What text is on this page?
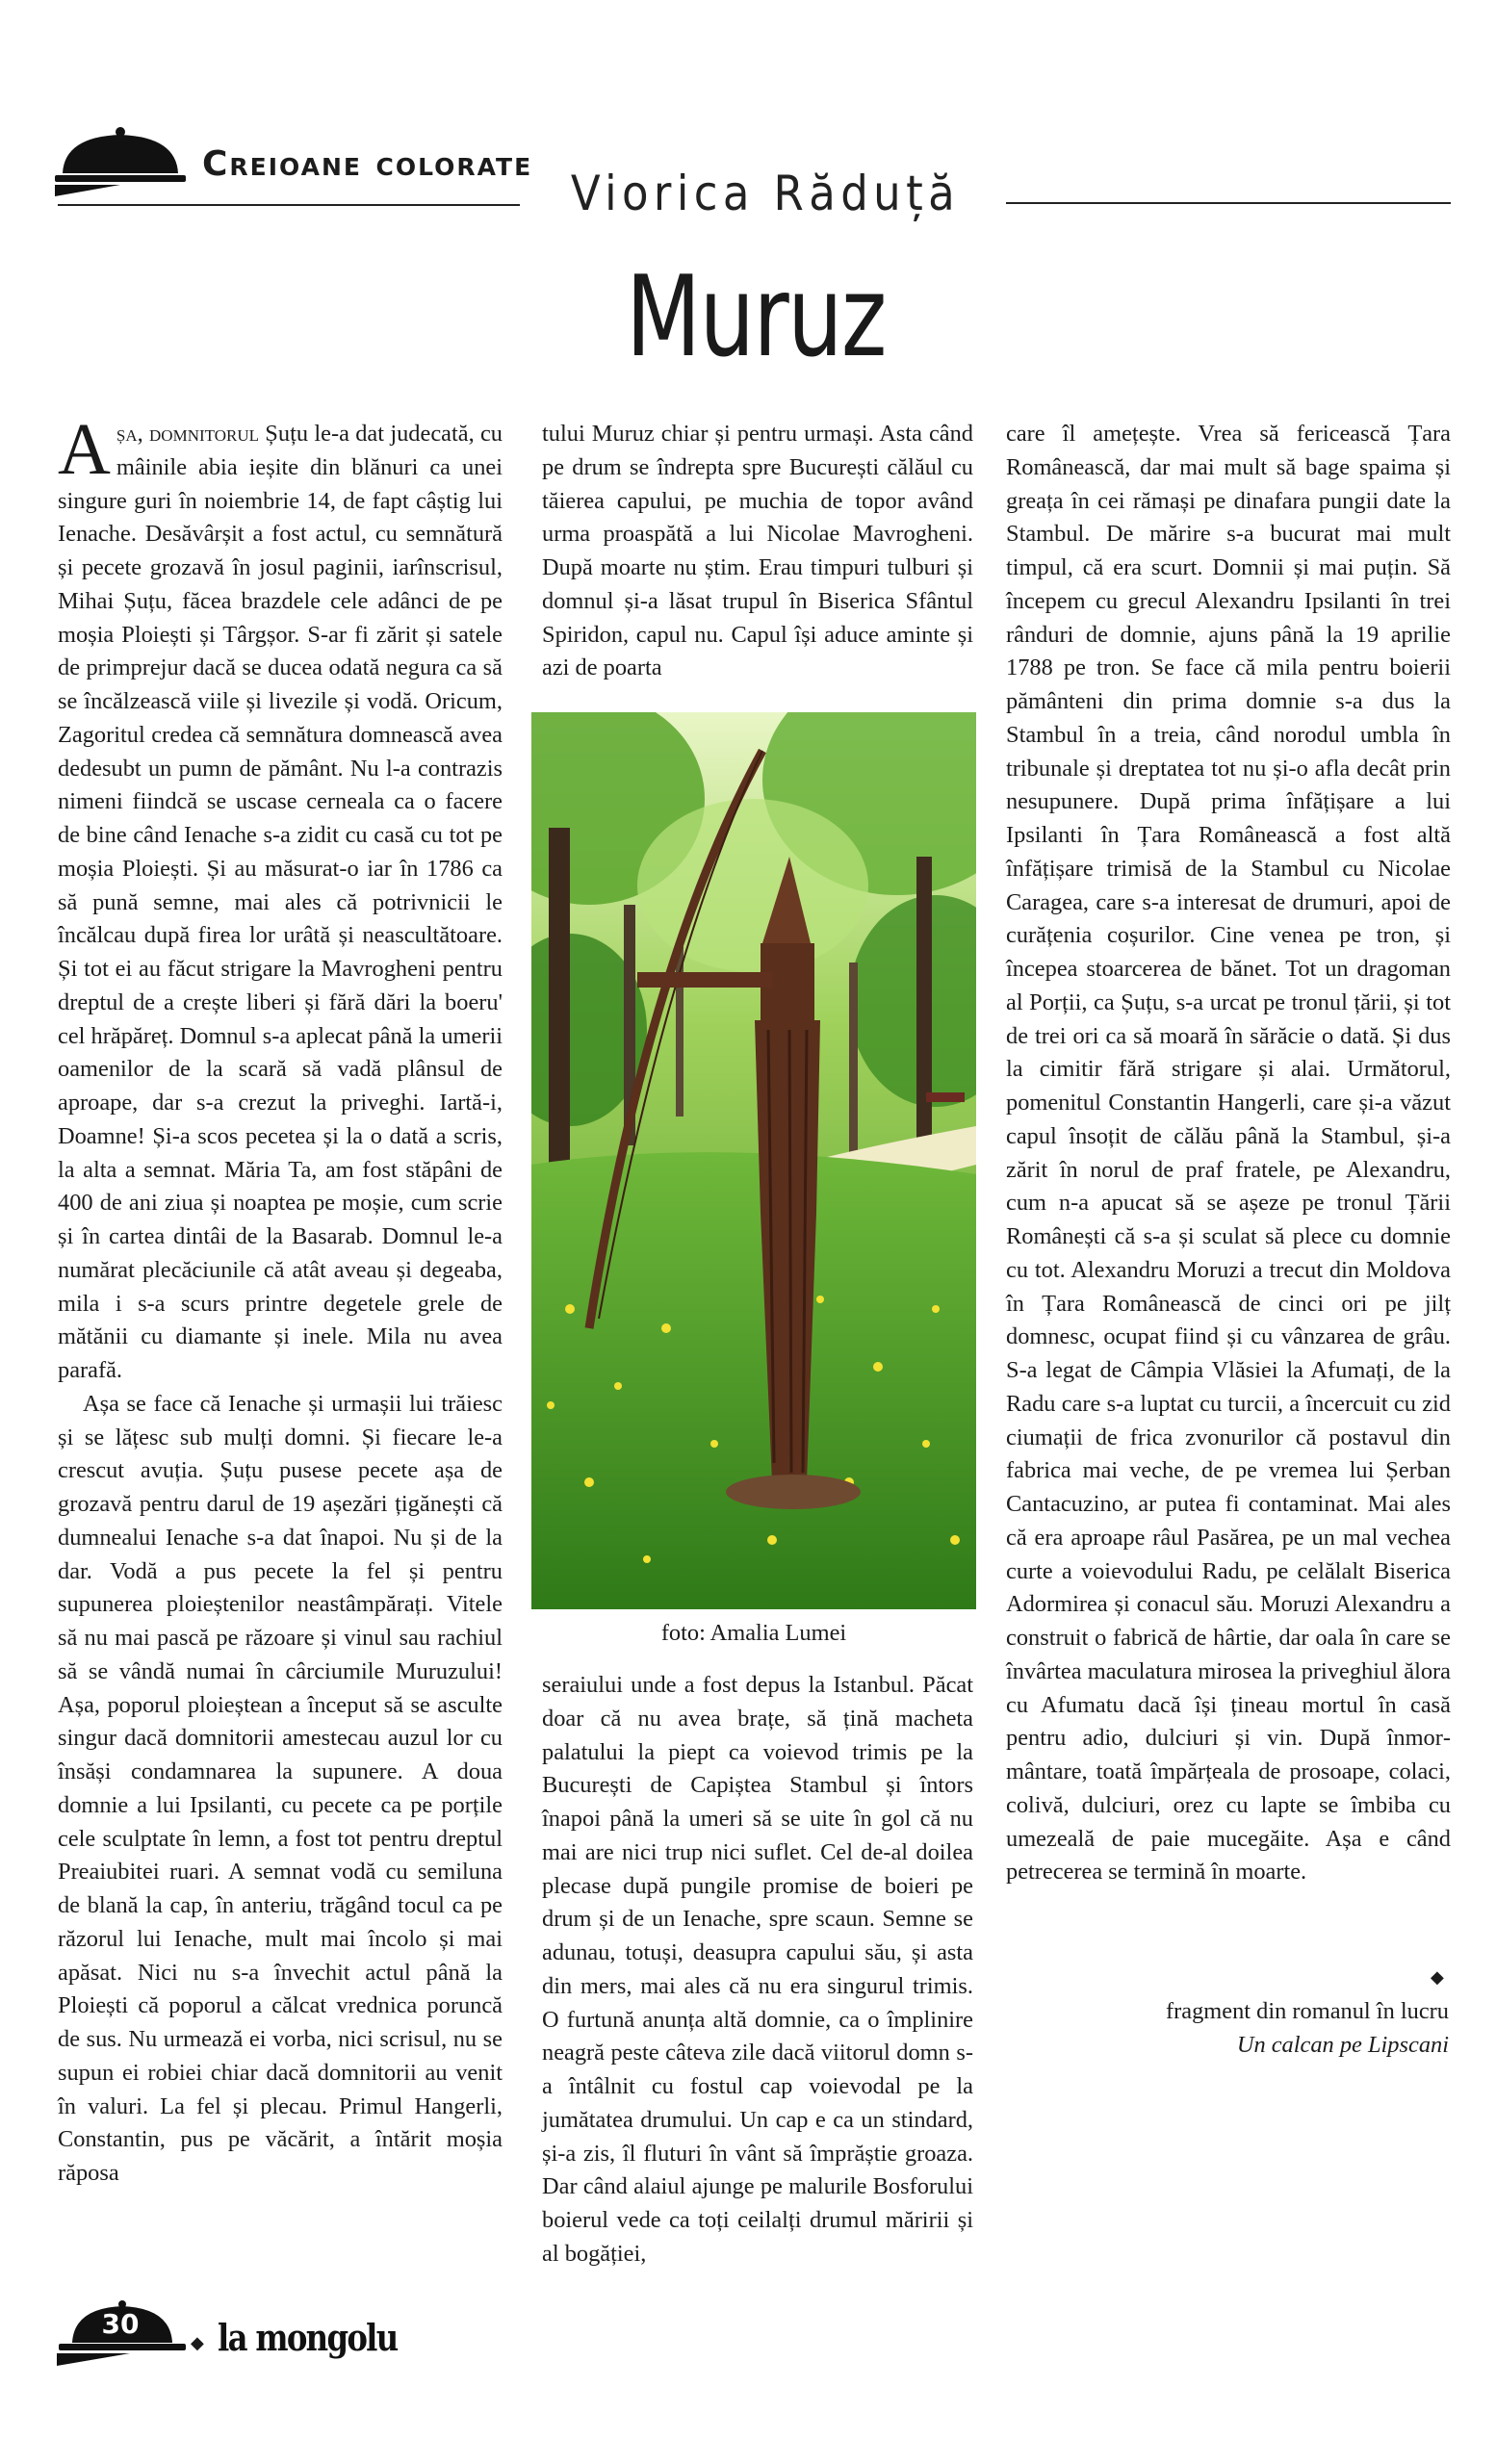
Creioane colorate
Viorica Răduță
Muruz

Așa, domnitorul Șuțu le-a dat judecată, cu mâinile abia ieșite din blănuri ca unei singure guri în noiembrie 14, de fapt câștig lui Ienache. Desăvârșit a fost actul, cu semnătură și pecete grozavă în josul paginii, iarînscrisul, Mihai Șuțu, făcea brazdele cele adânci de pe moșia Ploiești și Târgșor. S-ar fi zărit și satele de primprejur dacă se ducea odată negura ca să se încălzească viile și livezile și vodă. Oricum, Zagoritul credea că semnătura domnească avea dedesubt un pumn de pământ. Nu l-a contrazis nimeni fiindcă se uscase cerneala ca o facere de bine când Ienache s-a zidit cu casă cu tot pe moșia Ploiești. Și au măsurat-o iar în 1786 ca să pună semne, mai ales că potrivnicii le încălcau după firea lor urâtă și neascultătoare. Și tot ei au făcut strigare la Mavrogheni pentru dreptul de a crește liberi și fără dări la boeru' cel hrăpăreț. Domnul s-a aplecat până la umerii oamenilor de la scară să vadă plânsul de aproape, dar s-a crezut la priveghi. Iartă-i, Doamne! Și-a scos pecetea și la o dată a scris, la alta a semnat. Măria Ta, am fost stăpâni de 400 de ani ziua și noaptea pe moșie, cum scrie și în cartea dintâi de la Basarab. Domnul le-a numărat plecăciunile că atât aveau și degeaba, mila i s-a scurs printre degetele grele de mătănii cu diamante și inele. Mila nu avea parafă.

Așa se face că Ienache și urmașii lui trăiesc și se lățesc sub mulți domni. Și fiecare le-a crescut avuția. Șuțu pusese pecete așa de grozavă pentru darul de 19 așezări țigănești că dumnealui Ienache s-a dat înapoi. Nu și de la dar. Vodă a pus pecete la fel și pentru supunerea ploieștenilor neastâmpărați. Vitele să nu mai pască pe răzoare și vinul sau rachiul să se vândă numai în cârciumile Muruzului! Așa, poporul ploieștean a început să se asculte singur dacă domnitorii amestecau auzul lor cu însăși condamnarea la supunere. A doua domnie a lui Ipsilanti, cu pecete ca pe porțile cele sculptate în lemn, a fost tot pentru dreptul Preaiubitei ruari. A semnat vodă cu semiluna de blană la cap, în anteriu, trăgând tocul ca pe răzorul lui Ienache, mult mai încolo și mai apăsat. Nici nu s-a învechit actul până la Ploiești că poporul a călcat vrednica poruncă de sus. Nu urmează ei vorba, nici scrisul, nu se supun ei robiei chiar dacă domnitorii au venit în valuri. La fel și plecau. Primul Hangerli, Constantin, pus pe văcărit, a întărit moșia răposa

tului Muruz chiar și pentru urmași. Asta când pe drum se îndrepta spre București călăul cu tăierea capului, pe muchia de topor având urma proaspătă a lui Nicolae Mavrogheni. După moarte nu știm. Erau timpuri tulburi și domnul și-a lăsat trupul în Biserica Sfântul Spiridon, capul nu. Capul își aduce aminte și azi de poarta

foto: Amalia Lumei

seraiului unde a fost depus la Istanbul. Păcat doar că nu avea brațe, să țină macheta palatului la piept ca voievod trimis pe la București de Capiștea Stambul și întors înapoi până la umeri să se uite în gol că nu mai are nici trup nici suflet. Cel de-al doilea plecase după pungile promise de boieri pe drum și de un Ienache, spre scaun. Semne se adunau, totuși, deasupra capului său, și asta din mers, mai ales că nu era singurul trimis. O furtună anunța altă domnie, ca o împlinire neagră peste câteva zile dacă viitorul domn s-a întâlnit cu fostul cap voievodal pe la jumătatea drumului. Un cap e ca un stindard, și-a zis, îl fluturi în vânt să împrăștie groaza. Dar când alaiul ajunge pe malurile Bosforului boierul vede ca toți ceilalți drumul măririi și al bogăției,

care îl amețește. Vrea să fericească Țara Românească, dar mai mult să bage spaima și greața în cei rămași pe dinafara pungii date la Stambul. De mărire s-a bucurat mai mult timpul, că era scurt. Domnii și mai puțin. Să începem cu grecul Alexandru Ipsilanti în trei rânduri de domnie, ajuns până la 19 aprilie 1788 pe tron. Se face că mila pentru boierii pământeni din prima domnie s-a dus la Stambul în a treia, când norodul umbla în tribunale și dreptatea tot nu și-o afla decât prin nesupunere. După prima înfățișare a lui Ipsilanti în Țara Românească a fost altă înfățișare trimisă de la Stambul cu Nicolae Caragea, care s-a interesat de drumuri, apoi de curățenia coșurilor. Cine venea pe tron, și începea stoarcerea de bănet. Tot un dragoman al Porții, ca Șuțu, s-a urcat pe tronul țării, și tot de trei ori ca să moară în sărăcie o dată. Și dus la cimitir fără strigare și alai. Următorul, pomenitul Constantin Hangerli, care și-a văzut capul însoțit de călău până la Stambul, și-a zărit în norul de praf fratele, pe Alexandru, cum n-a apucat să se așeze pe tronul Țării Românești că s-a și sculat să plece cu domnie cu tot. Alexandru Moruzi a trecut din Moldova în Țara Românească de cinci ori pe jilț domnesc, ocupat fiind și cu vânzarea de grâu. S-a legat de Câmpia Vlăsiei la Afumați, de la Radu care s-a luptat cu turcii, a încercuit cu zid ciumații de frica zvonurilor că postavul din fabrica mai veche, de pe vremea lui Șerban Cantacuzino, ar putea fi contaminat. Mai ales că era aproape râul Pasărea, pe un mal vechea curte a voievodului Radu, pe celălalt Biserica Adormirea și conacul său. Moruzi Alexandru a construit o fabrică de hârtie, dar oala în care se învârtea maculatura mirosea la priveghiul ălora cu Afumatu dacă își țineau mortul în casă pentru adio, dulciuri și vin. După înmormântare, toată împărțeala de prosoape, colaci, colivă, dulciuri, orez cu lapte se îmbiba cu umezeală de paie mucegăite. Așa e când petrecerea se termină în moarte.

◆

fragment din romanul în lucru
Un calcan pe Lipscani

30

◆ la mongolu
